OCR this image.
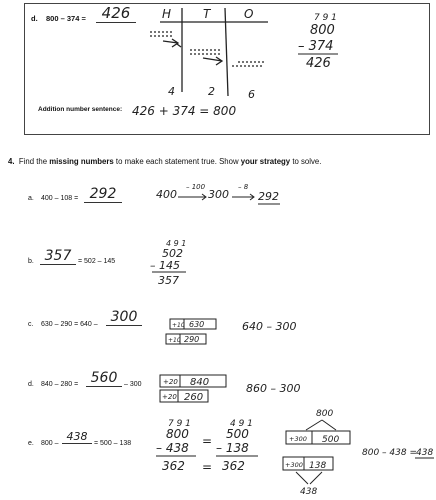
d. 800 – 374 =	426	H	T	O
4	2	6
7 9 1
800
– 374
426
400
– 100
300
– 8
292
4 9 1
502
– 145
357
+10 630
+10 290
640 – 300
+20 840
+20 260
860 – 300
7 9 1
800
– 438
362
=
=
4 9 1
500
– 138
362
800
+300 500
+300 138
438
800 – 438 = 438
Addition number sentence: 426 + 374 = 800
4. Find the missing numbers to make each statement true. Show your strategy to solve.
a. 400 – 108 = 292
b. 357 = 502 – 145
c. 630 – 290 = 640 – 300
d. 840 – 280 = 560 – 300
e. 800 –
438
= 500 – 138
